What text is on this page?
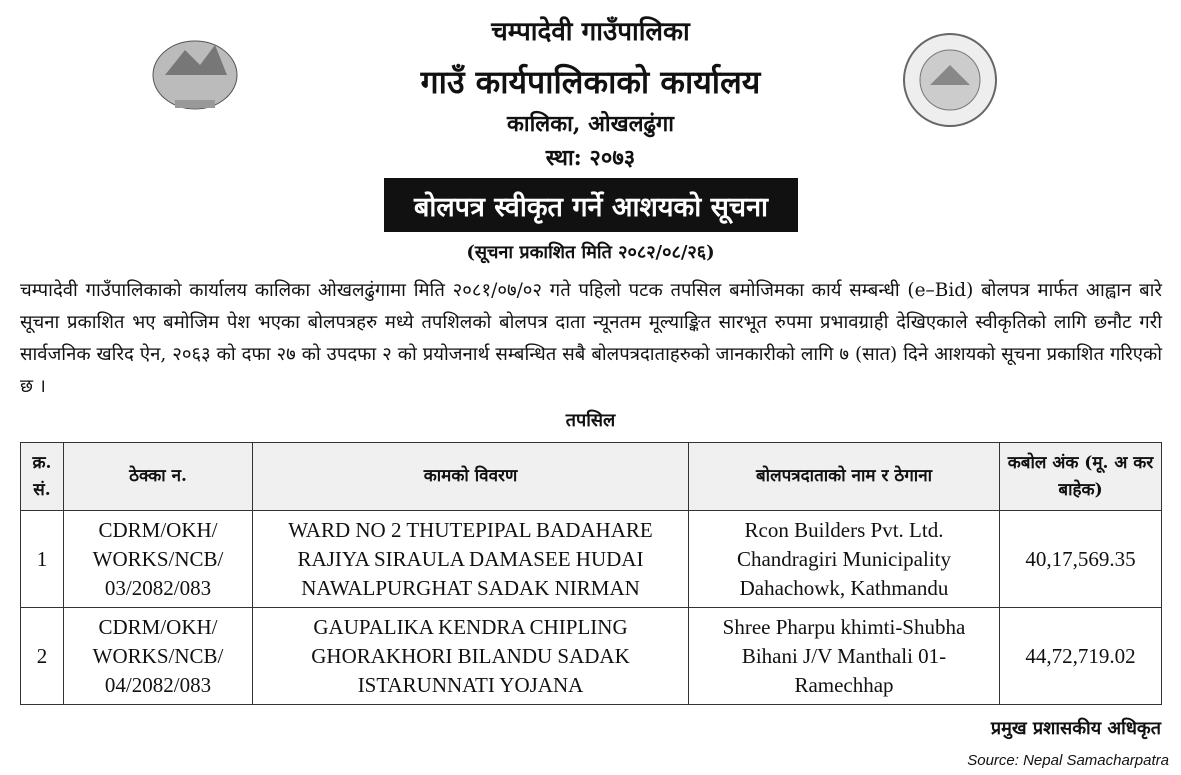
चम्पादेवी गाउँपालिका
गाउँ कार्यपालिकाको कार्यालय
कालिका, ओखलढुंगा
स्था: २०७३
बोलपत्र स्वीकृत गर्ने आशयको सूचना
(सूचना प्रकाशित मिति २०८२/०८/२६)
चम्पादेवी गाउँपालिकाको कार्यालय कालिका ओखलढुंगामा मिति २०८१/०७/०२ गते पहिलो पटक तपसिल बमोजिमका कार्य सम्बन्धी (e–Bid) बोलपत्र मार्फत आह्वान बारे सूचना प्रकाशित भए बमोजिम पेश भएका बोलपत्रहरु मध्ये तपशिलको बोलपत्र दाता न्यूनतम मूल्याङ्कित सारभूत रुपमा प्रभावग्राही देखिएकाले स्वीकृतिको लागि छनौट गरी सार्वजनिक खरिद ऐन, २०६३ को दफा २७ को उपदफा २ को प्रयोजनार्थ सम्बन्धित सबै बोलपत्रदाताहरुको जानकारीको लागि ७ (सात) दिने आशयको सूचना प्रकाशित गरिएको छ ।
तपसिल
क्र. सं.	ठेक्का न.	कामको विवरण	बोलपत्रदाताको नाम र ठेगाना	कबोल अंक (मू. अ कर बाहेक)
1	CDRM/OKH/ WORKS/NCB/ 03/2082/083	WARD NO 2 THUTEPIPAL BADAHARE RAJIYA SIRAULA DAMASEE HUDAI NAWALPURGHAT SADAK NIRMAN	Rcon Builders Pvt. Ltd. Chandragiri Municipality Dahachowk, Kathmandu	40,17,569.35
2	CDRM/OKH/ WORKS/NCB/ 04/2082/083	GAUPALIKA KENDRA CHIPLING GHORAKHORI BILANDU SADAK ISTARUNNATI YOJANA	Shree Pharpu khimti-Shubha Bihani J/V Manthali 01-Ramechhap	44,72,719.02
प्रमुख प्रशासकीय अधिकृत
Source: Nepal Samacharpatra
